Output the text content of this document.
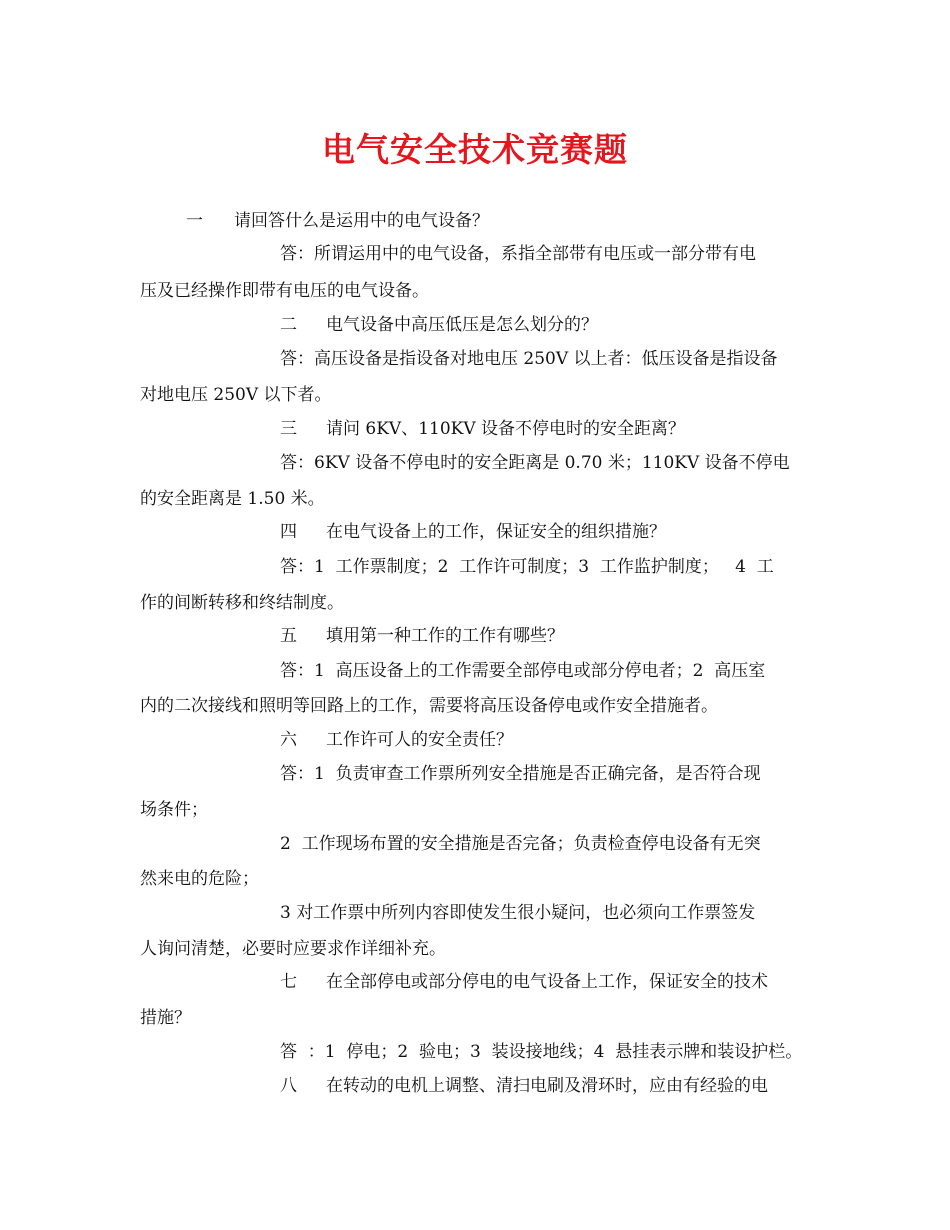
电气安全技术竞赛题
一 请回答什么是运用中的电气设备？
答：所谓运用中的电气设备，系指全部带有电压或一部分带有电
压及已经操作即带有电压的电气设备。
二 电气设备中高压低压是怎么划分的？
答：高压设备是指设备对地电压 250V 以上者：低压设备是指设备
对地电压 250V 以下者。
三 请问 6KV、110KV 设备不停电时的安全距离？
答：6KV 设备不停电时的安全距离是 0.70 米；110KV 设备不停电
的安全距离是 1.50 米。
四 在电气设备上的工作，保证安全的组织措施？
答：1  工作票制度；2  工作许可制度；3  工作监护制度；   4  工
作的间断转移和终结制度。
五 填用第一种工作的工作有哪些？
答：1  高压设备上的工作需要全部停电或部分停电者；2  高压室
内的二次接线和照明等回路上的工作，需要将高压设备停电或作安全措施者。
六 工作许可人的安全责任？
答：1  负责审查工作票所列安全措施是否正确完备，是否符合现
场条件；
2  工作现场布置的安全措施是否完备；负责检查停电设备有无突
然来电的危险；
3 对工作票中所列内容即使发生很小疑问，也必须向工作票签发
人询问清楚，必要时应要求作详细补充。
七 在全部停电或部分停电的电气设备上工作，保证安全的技术
措施？
答  ：1  停电；2  验电；3  装设接地线；4  悬挂表示牌和装设护栏。
八 在转动的电机上调整、清扫电刷及滑环时，应由有经验的电
